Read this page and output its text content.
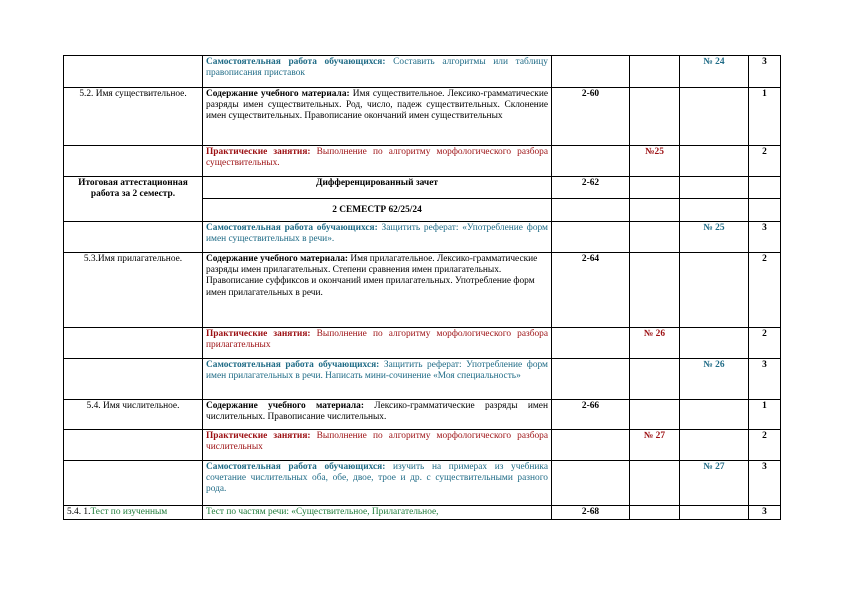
	Самостоятельная работа обучающихся: Составить алгоритмы или таблицу правописания приставок			№ 24	3
5.2. Имя существительное.	Содержание учебного материала: Имя существительное. Лексико-грамматические разряды имен существительных. Род, число, падеж существительных. Склонение имен существительных. Правописание окончаний имен существительных	2-60			1
	Практические занятия: Выполнение по алгоритму морфологического разбора существительных.		№25		2
Итоговая аттестационная работа за 2 семестр.	Дифференцированный зачет	2-62			
	2 СЕМЕСТР 62/25/24				
	Самостоятельная работа обучающихся: Защитить реферат: «Употребление форм имен существительных в речи».			№ 25	3
5.3.Имя прилагательное.	Содержание учебного материала: Имя прилагательное. Лексико-грамматические разряды имен прилагательных. Степени сравнения имен прилагательных. Правописание суффиксов и окончаний имен прилагательных. Употребление форм имен прилагательных в речи.	2-64			2
	Практические занятия: Выполнение по алгоритму морфологического разбора прилагательных		№ 26		2
	Самостоятельная работа обучающихся: Защитить реферат: Употребление форм имен прилагательных в речи. Написать мини-сочинение «Моя специальность»			№ 26	3
5.4. Имя числительное.	Содержание учебного материала: Лексико-грамматические разряды имен числительных. Правописание числительных.	2-66			1
	Практические занятия: Выполнение по алгоритму морфологического разбора числительных		№ 27		2
	Самостоятельная работа обучающихся: изучить на примерах из учебника сочетание числительных оба, обе, двое, трое и др. с существительными разного рода.			№ 27	3
5.4. 1.Тест по изученным	Тест по частям речи: «Существительное, Прилагательное,	2-68			3
